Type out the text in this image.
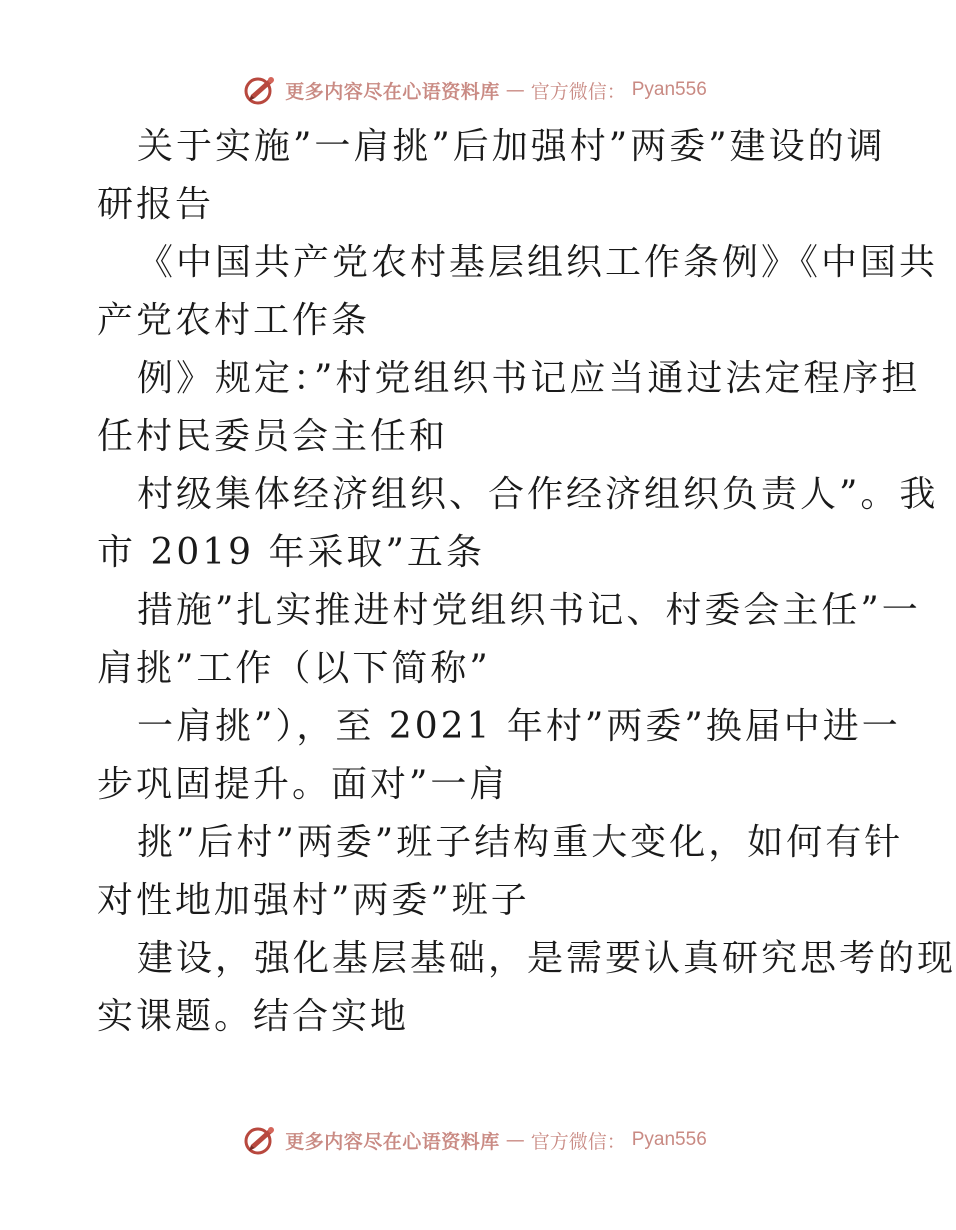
更多内容尽在心语资料库 — 官方微信： Pyan556
关于实施”一肩挑”后加强村”两委”建设的调
研报告
《中国共产党农村基层组织工作条例》《中国共
产党农村工作条
例》规定：”村党组织书记应当通过法定程序担
任村民委员会主任和
村级集体经济组织、合作经济组织负责人”。我
市 2019 年采取”五条
措施”扎实推进村党组织书记、村委会主任”一
肩挑”工作（以下简称”
一肩挑”），至 2021 年村”两委”换届中进一
步巩固提升。面对”一肩
挑”后村”两委”班子结构重大变化，如何有针
对性地加强村”两委”班子
建设，强化基层基础，是需要认真研究思考的现
实课题。结合实地
更多内容尽在心语资料库 — 官方微信： Pyan556
